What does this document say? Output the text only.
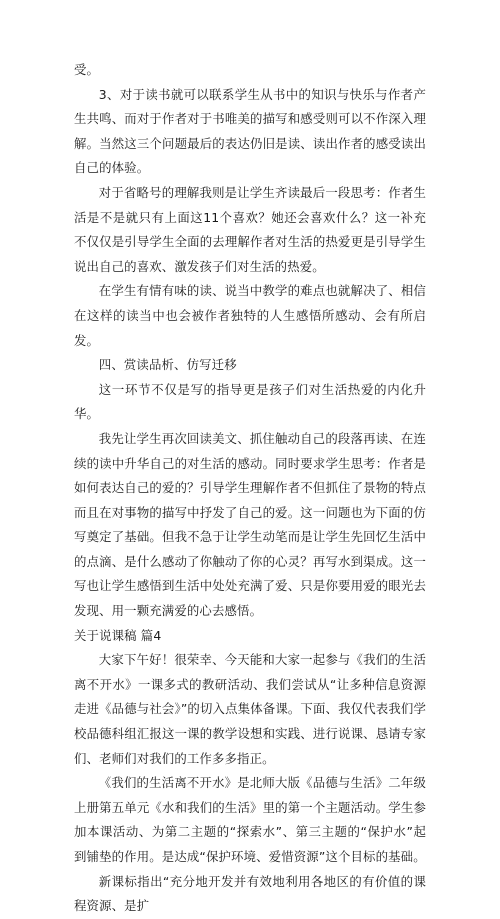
受。

3、对于读书就可以联系学生从书中的知识与快乐与作者产生共鸣、而对于作者对于书唯美的描写和感受则可以不作深入理解。当然这三个问题最后的表达仍旧是读、读出作者的感受读出自己的体验。

对于省略号的理解我则是让学生齐读最后一段思考：作者生活是不是就只有上面这11个喜欢？她还会喜欢什么？这一补充不仅仅是引导学生全面的去理解作者对生活的热爱更是引导学生说出自己的喜欢、激发孩子们对生活的热爱。

在学生有情有味的读、说当中教学的难点也就解决了、相信在这样的读当中也会被作者独特的人生感悟所感动、会有所启发。

四、赏读品析、仿写迁移

这一环节不仅是写的指导更是孩子们对生活热爱的内化升华。

我先让学生再次回读美文、抓住触动自己的段落再读、在连续的读中升华自己的对生活的感动。同时要求学生思考：作者是如何表达自己的爱的？引导学生理解作者不但抓住了景物的特点而且在对事物的描写中抒发了自己的爱。这一问题也为下面的仿写奠定了基础。但我不急于让学生动笔而是让学生先回忆生活中的点滴、是什么感动了你触动了你的心灵？再写水到渠成。这一写也让学生感悟到生活中处处充满了爱、只是你要用爱的眼光去发现、用一颗充满爱的心去感悟。

关于说课稿 篇4

大家下午好！很荣幸、今天能和大家一起参与《我们的生活离不开水》一课多式的教研活动、我们尝试从“让多种信息资源走进《品德与社会》”的切入点集体备课。下面、我仅代表我们学校品德科组汇报这一课的教学设想和实践、进行说课、恳请专家们、老师们对我们的工作多多指正。

《我们的生活离不开水》是北师大版《品德与生活》二年级上册第五单元《水和我们的生活》里的第一个主题活动。学生参加本课活动、为第二主题的“探索水”、第三主题的“保护水”起到铺垫的作用。是达成“保护环境、爱惜资源”这个目标的基础。

新课标指出“充分地开发并有效地利用各地区的有价值的课程资源、是扩
